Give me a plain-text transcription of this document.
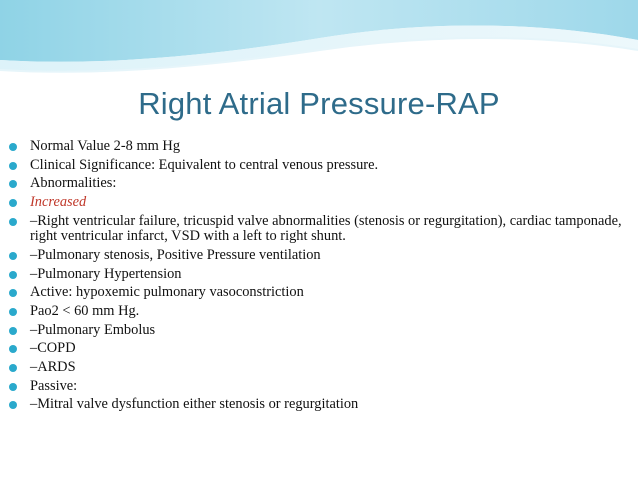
Right Atrial Pressure-RAP
Normal Value 2-8 mm Hg
Clinical Significance: Equivalent to central venous pressure.
Abnormalities:
Increased
–Right ventricular failure, tricuspid valve abnormalities (stenosis or regurgitation), cardiac tamponade, right ventricular infarct, VSD with a left to right shunt.
–Pulmonary stenosis, Positive Pressure ventilation
–Pulmonary Hypertension
Active: hypoxemic pulmonary vasoconstriction
Pao2 < 60 mm Hg.
–Pulmonary Embolus
–COPD
–ARDS
Passive:
–Mitral valve dysfunction either stenosis or regurgitation
